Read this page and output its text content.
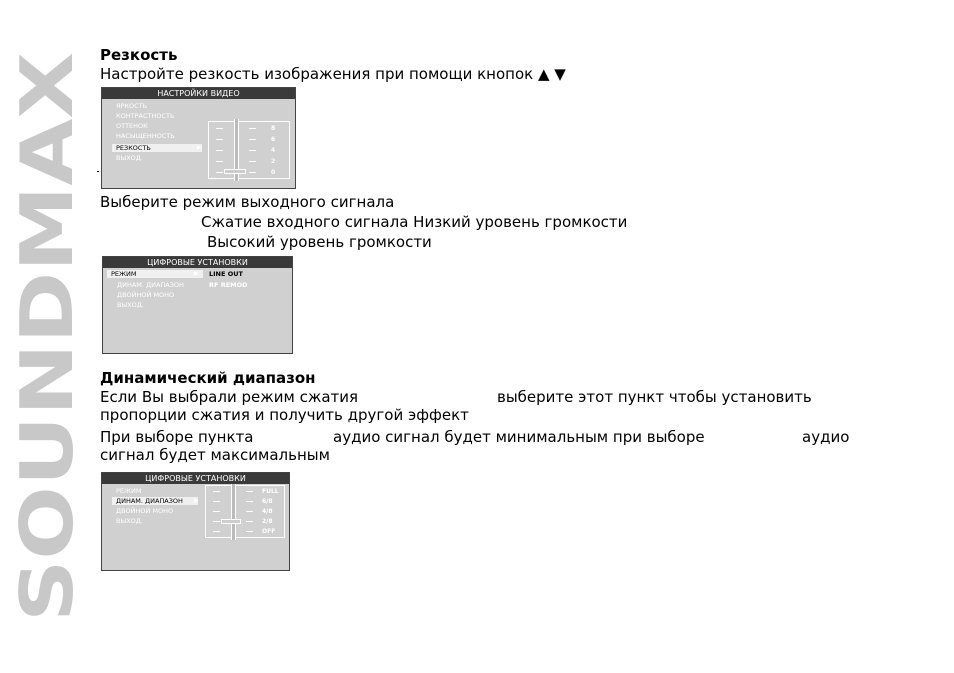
SOUNDMAX
Резкость
Настройте резкость изображения при помощи кнопок ▲ ▼
НАСТРОЙКИ ВИДЕО
ЯРКОСТЬ
КОНТРАСТНОСТЬ
ОТТЕНОК
НАСЫЩЕННОСТЬ
РЕЗКОСТЬ	▶
ВЫХОД.
8
6
4
2
0
Выберите режим выходного сигнала
Сжатие входного сигнала Низкий уровень громкости
Высокий уровень громкости
ЦИФРОВЫЕ УСТАНОВКИ
РЕЖИМ	▶
ДИНАМ. ДИАПАЗОН
ДВОЙНОЙ МОНО
ВЫХОД.
LINE OUT
RF REMOD
Динамический диапазон
Если Вы выбрали режим сжатия	выберите этот пункт чтобы установить
пропорции сжатия и получить другой эффект
При выборе пункта	аудио сигнал будет минимальным при выборе	аудио
сигнал будет максимальным
ЦИФРОВЫЕ УСТАНОВКИ
РЕЖИМ
ДИНАМ. ДИАПАЗОН	▶
ДВОЙНОЙ МОНО
ВЫХОД.
FULL
6/8
4/8
2/8
OFF
